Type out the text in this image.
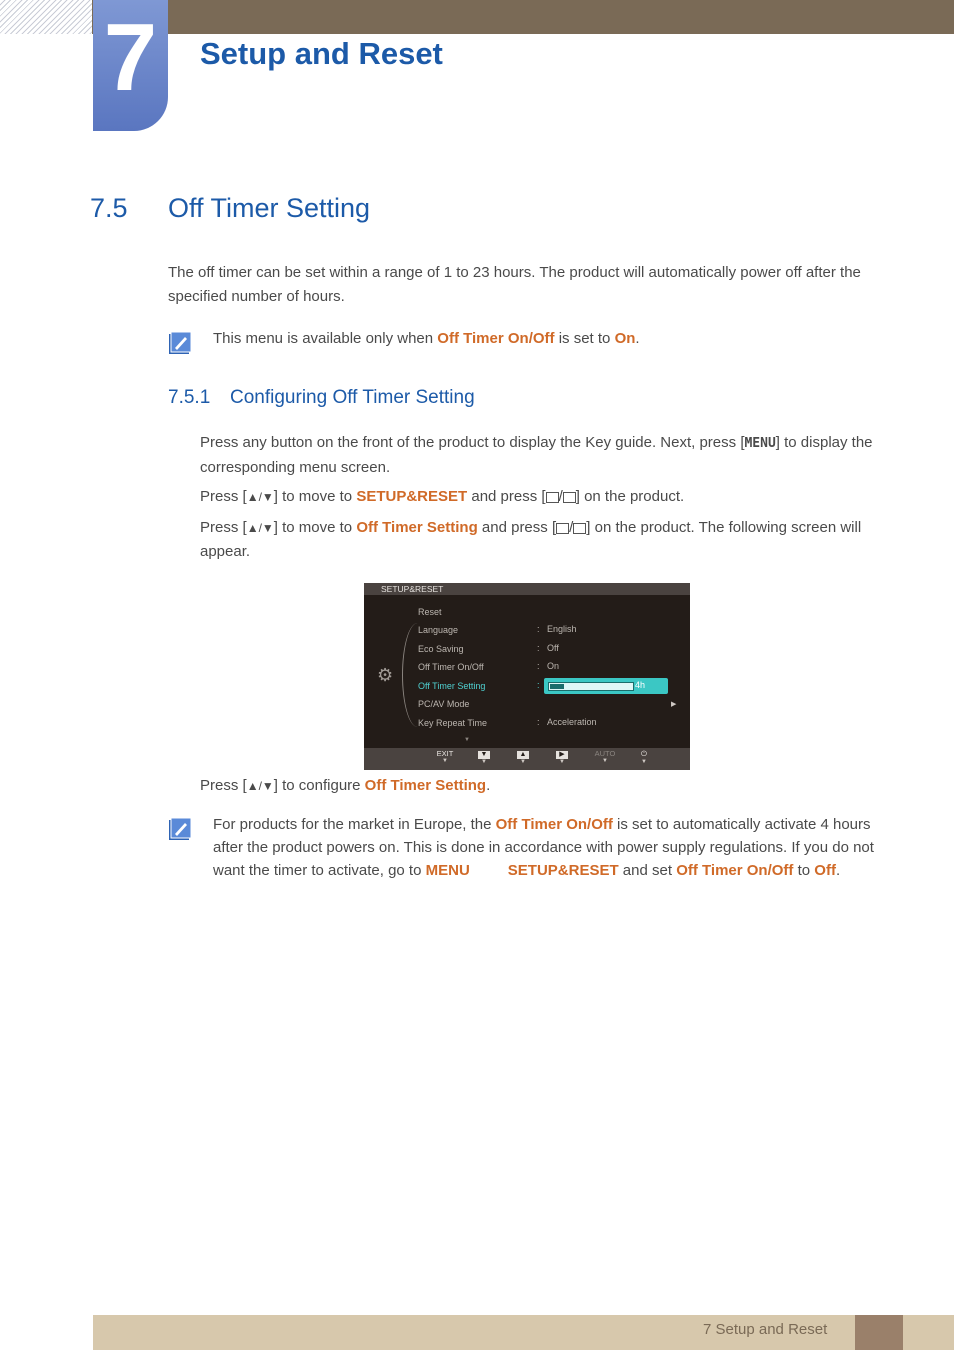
7	Setup and Reset
7.5 Off Timer Setting
The off timer can be set within a range of 1 to 23 hours. The product will automatically power off after the specified number of hours.
This menu is available only when Off Timer On/Off is set to On.
7.5.1 Configuring Off Timer Setting
Press any button on the front of the product to display the Key guide. Next, press [MENU] to display the corresponding menu screen.
Press [▲/▼] to move to SETUP&RESET and press [ / ] on the product.
Press [▲/▼] to move to Off Timer Setting and press [ / ] on the product. The following screen will appear.
SETUP&RESET
⚙
Reset
Language	: English
Eco Saving	: Off
Off Timer On/Off	: On
Off Timer Setting	:	4h
PC/AV Mode	▶
Key Repeat Time	: Acceleration
▼
EXIT
▼
▼
▼
▲
▼
▶
▼
AUTO
▼
⏻
▼
Press [▲/▼] to configure Off Timer Setting.
For products for the market in Europe, the Off Timer On/Off is set to automatically activate 4 hours after the product powers on. This is done in accordance with power supply regulations. If you do not want the timer to activate, go to MENU	SETUP&RESET and set Off Timer On/Off to Off.
7 Setup and Reset
